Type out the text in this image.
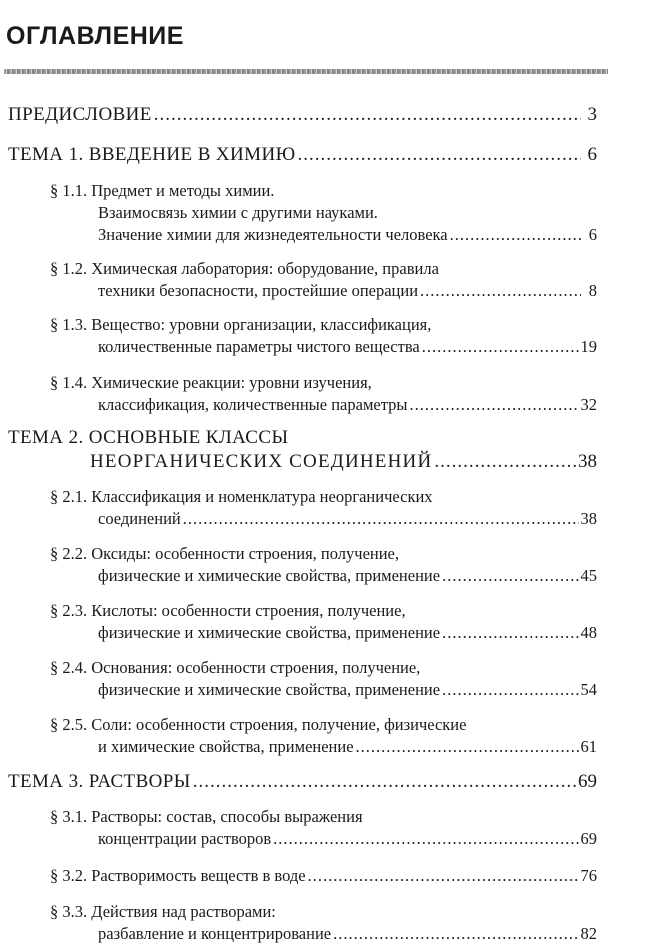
ОГЛАВЛЕНИЕ
ПРЕДИСЛОВИЕ .....	3
ТЕМА 1. ВВЕДЕНИЕ В ХИМИЮ .....	6
§ 1.1.
Предмет и методы химии.
Взаимосвязь химии с другими науками.
Значение химии для жизнедеятельности человека .....	6
§ 1.2.
Химическая лаборатория: оборудование, правила
техники безопасности, простейшие операции .....	8
§ 1.3.
Вещество: уровни организации, классификация,
количественные параметры чистого вещества .....	19
§ 1.4.
Химические реакции: уровни изучения,
классификация, количественные параметры .....	32
ТЕМА 2. ОСНОВНЫЕ КЛАССЫ
НЕОРГАНИЧЕСКИХ СОЕДИНЕНИЙ .....	38
§ 2.1.
Классификация и номенклатура неорганических
соединений .....	38
§ 2.2.
Оксиды: особенности строения, получение,
физические и химические свойства, применение .....	45
§ 2.3.
Кислоты: особенности строения, получение,
физические и химические свойства, применение .....	48
§ 2.4.
Основания: особенности строения, получение,
физические и химические свойства, применение .....	54
§ 2.5.
Соли: особенности строения, получение, физические
и химические свойства, применение .....	61
ТЕМА 3. РАСТВОРЫ .....	69
§ 3.1.
Растворы: состав, способы выражения
концентрации растворов .....	69
§ 3.2.
Растворимость веществ в воде .....	76
§ 3.3.
Действия над растворами:
разбавление и концентрирование .....	82
